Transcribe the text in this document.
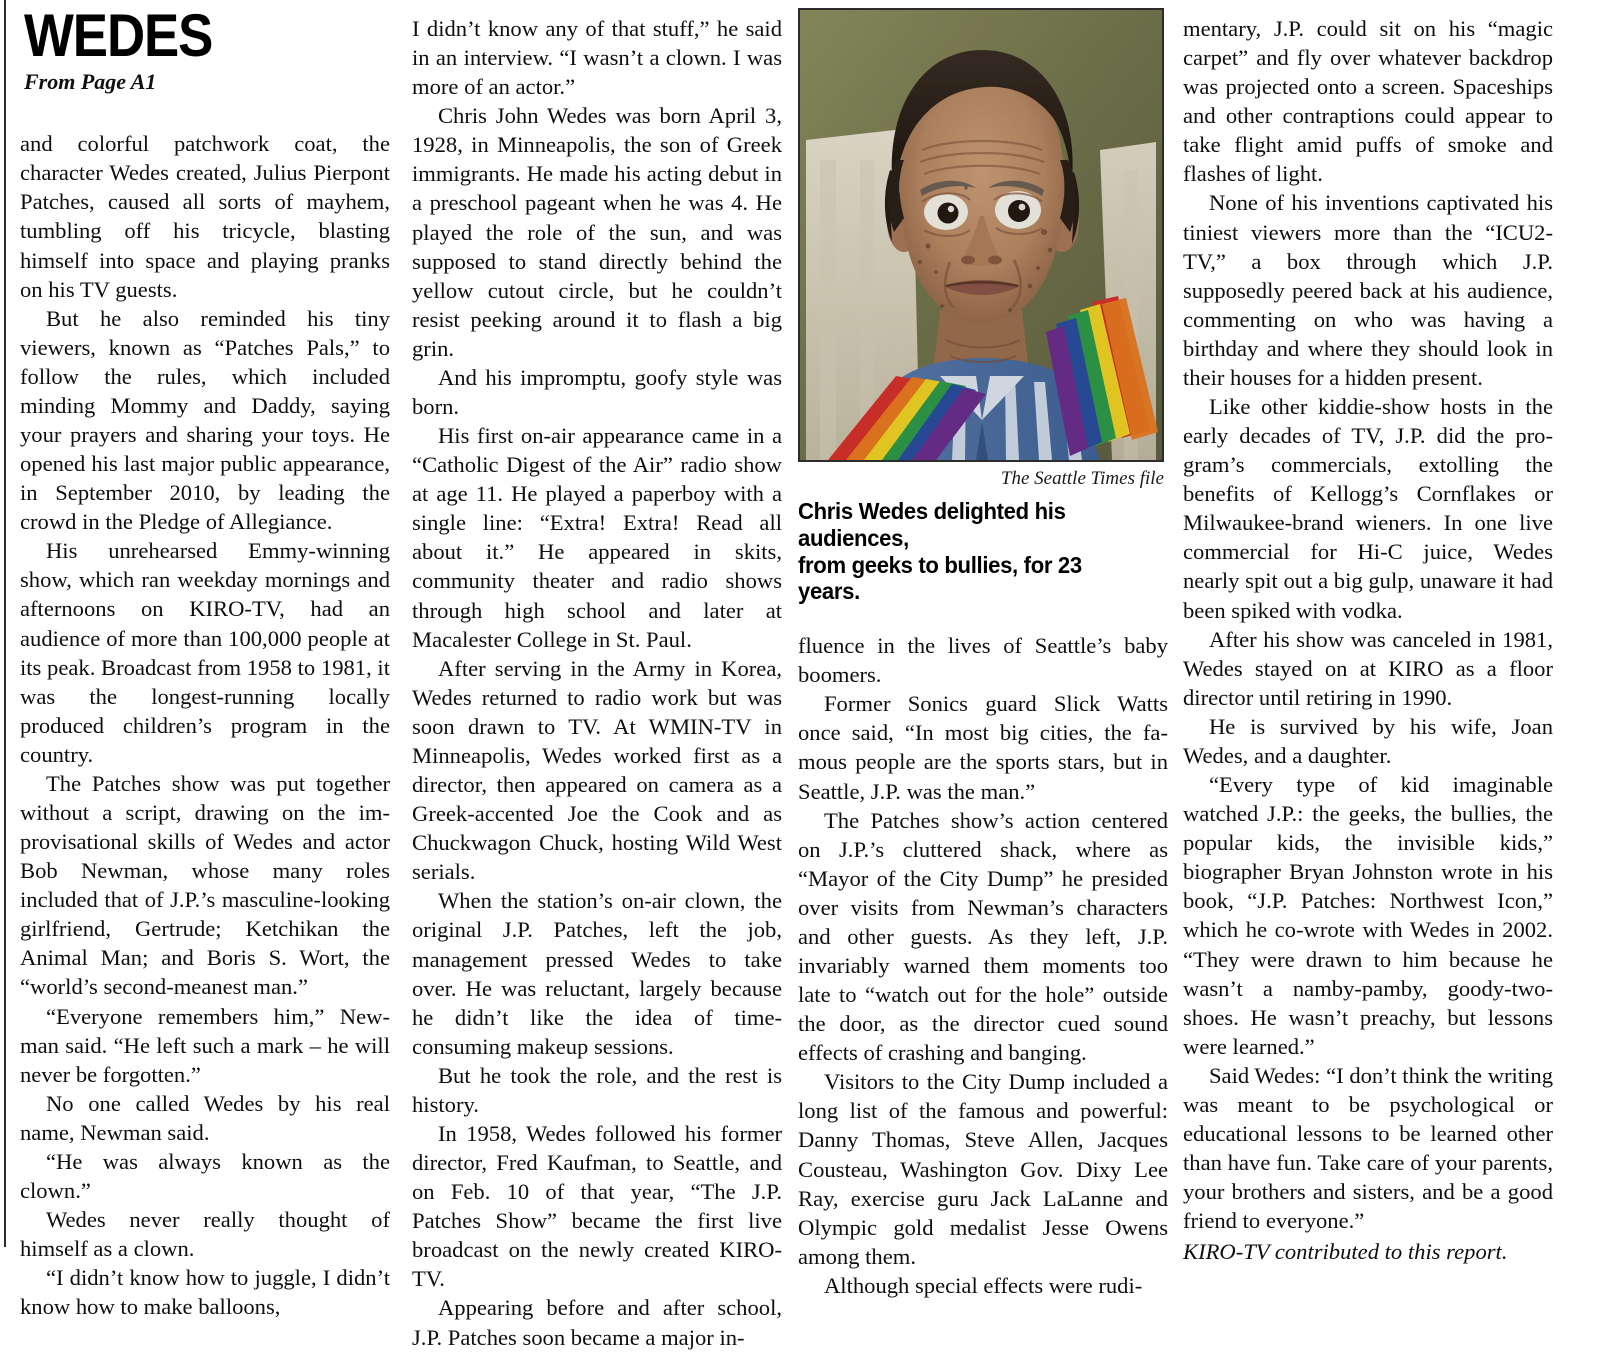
WEDES
From Page A1

and colorful patchwork coat, the character Wedes created, Julius Pierpont Patches, caused all sorts of mayhem, tumbling off his tricycle, blasting himself into space and playing pranks on his TV guests.

But he also reminded his tiny viewers, known as “Patches Pals,” to follow the rules, which included minding Mommy and Daddy, saying your prayers and sharing your toys. He opened his last major public appearance, in September 2010, by leading the crowd in the Pledge of Allegiance.

His unrehearsed Emmy-winning show, which ran weekday mornings and afternoons on KIRO-TV, had an audience of more than 100,000 people at its peak. Broadcast from 1958 to 1981, it was the longest-running locally produced children’s program in the country.

The Patches show was put together without a script, drawing on the improvisational skills of Wedes and actor Bob Newman, whose many roles included that of J.P.’s masculine-looking girlfriend, Gertrude; Ketchikan the Animal Man; and Boris S. Wort, the “world’s second-meanest man.”

“Everyone remembers him,” Newman said. “He left such a mark – he will never be forgotten.”

No one called Wedes by his real name, Newman said.

“He was always known as the clown.”

Wedes never really thought of himself as a clown.

“I didn’t know how to juggle, I didn’t know how to make balloons,

I didn’t know any of that stuff,” he said in an interview. “I wasn’t a clown. I was more of an actor.”

Chris John Wedes was born April 3, 1928, in Minneapolis, the son of Greek immigrants. He made his acting debut in a preschool pageant when he was 4. He played the role of the sun, and was supposed to stand directly behind the yellow cutout circle, but he couldn’t resist peeking around it to flash a big grin.

And his impromptu, goofy style was born.

His first on-air appearance came in a “Catholic Digest of the Air” radio show at age 11. He played a paperboy with a single line: “Extra! Extra! Read all about it.” He appeared in skits, community theater and radio shows through high school and later at Macalester College in St. Paul.

After serving in the Army in Korea, Wedes returned to radio work but was soon drawn to TV. At WMIN-TV in Minneapolis, Wedes worked first as a director, then appeared on camera as a Greek-accented Joe the Cook and as Chuckwagon Chuck, hosting Wild West serials.

When the station’s on-air clown, the original J.P. Patches, left the job, management pressed Wedes to take over. He was reluctant, largely because he didn’t like the idea of time-consuming makeup sessions.

But he took the role, and the rest is history.

In 1958, Wedes followed his former director, Fred Kaufman, to Seattle, and on Feb. 10 of that year, “The J.P. Patches Show” became the first live broadcast on the newly created KIRO-TV.

Appearing before and after school, J.P. Patches soon became a major in-

The Seattle Times file
Chris Wedes delighted his audiences,
from geeks to bullies, for 23 years.

fluence in the lives of Seattle’s baby boomers.

Former Sonics guard Slick Watts once said, “In most big cities, the famous people are the sports stars, but in Seattle, J.P. was the man.”

The Patches show’s action centered on J.P.’s cluttered shack, where as “Mayor of the City Dump” he presided over visits from Newman’s characters and other guests. As they left, J.P. invariably warned them moments too late to “watch out for the hole” outside the door, as the director cued sound effects of crashing and banging.

Visitors to the City Dump included a long list of the famous and powerful: Danny Thomas, Steve Allen, Jacques Cousteau, Washington Gov. Dixy Lee Ray, exercise guru Jack LaLanne and Olympic gold medalist Jesse Owens among them.

Although special effects were rudi-

mentary, J.P. could sit on his “magic carpet” and fly over whatever backdrop was projected onto a screen. Spaceships and other contraptions could appear to take flight amid puffs of smoke and flashes of light.

None of his inventions captivated his tiniest viewers more than the “ICU2-TV,” a box through which J.P. supposedly peered back at his audience, commenting on who was having a birthday and where they should look in their houses for a hidden present.

Like other kiddie-show hosts in the early decades of TV, J.P. did the program’s commercials, extolling the benefits of Kellogg’s Cornflakes or Milwaukee-brand wieners. In one live commercial for Hi-C juice, Wedes nearly spit out a big gulp, unaware it had been spiked with vodka.

After his show was canceled in 1981, Wedes stayed on at KIRO as a floor director until retiring in 1990.

He is survived by his wife, Joan Wedes, and a daughter.

“Every type of kid imaginable watched J.P.: the geeks, the bullies, the popular kids, the invisible kids,” biographer Bryan Johnston wrote in his book, “J.P. Patches: Northwest Icon,” which he co-wrote with Wedes in 2002. “They were drawn to him because he wasn’t a namby-pamby, goody-two-shoes. He wasn’t preachy, but lessons were learned.”

Said Wedes: “I don’t think the writing was meant to be psychological or educational lessons to be learned other than have fun. Take care of your parents, your brothers and sisters, and be a good friend to everyone.”

KIRO-TV contributed to this report.
